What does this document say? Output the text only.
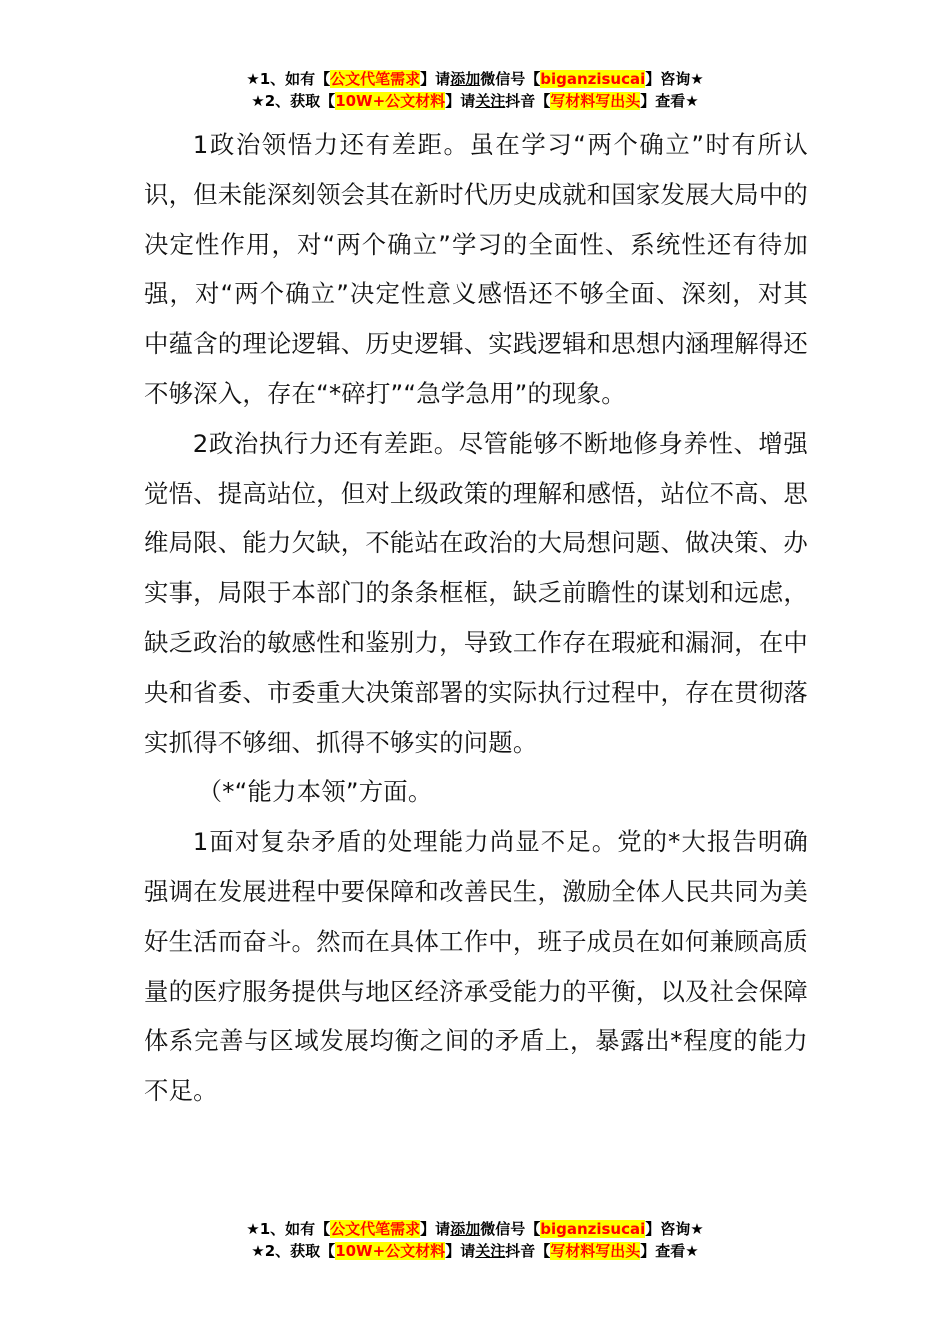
★1、如有【公文代笔需求】请添加微信号【biganzisucai】咨询★
★2、获取【10W+公文材料】请关注抖音【写材料写出头】查看★

1政治领悟力还有差距。虽在学习“两个确立”时有所认识，但未能深刻领会其在新时代历史成就和国家发展大局中的决定性作用，对“两个确立”学习的全面性、系统性还有待加强，对“两个确立”决定性意义感悟还不够全面、深刻，对其中蕴含的理论逻辑、历史逻辑、实践逻辑和思想内涵理解得还不够深入，存在“*碎打”“急学急用”的现象。

2政治执行力还有差距。尽管能够不断地修身养性、增强觉悟、提高站位，但对上级政策的理解和感悟，站位不高、思维局限、能力欠缺，不能站在政治的大局想问题、做决策、办实事，局限于本部门的条条框框，缺乏前瞻性的谋划和远虑，缺乏政治的敏感性和鉴别力，导致工作存在瑕疵和漏洞，在中央和省委、市委重大决策部署的实际执行过程中，存在贯彻落实抓得不够细、抓得不够实的问题。

（*“能力本领”方面。

1面对复杂矛盾的处理能力尚显不足。党的*大报告明确强调在发展进程中要保障和改善民生，激励全体人民共同为美好生活而奋斗。然而在具体工作中，班子成员在如何兼顾高质量的医疗服务提供与地区经济承受能力的平衡，以及社会保障体系完善与区域发展均衡之间的矛盾上，暴露出*程度的能力不足。

★1、如有【公文代笔需求】请添加微信号【biganzisucai】咨询★
★2、获取【10W+公文材料】请关注抖音【写材料写出头】查看★
